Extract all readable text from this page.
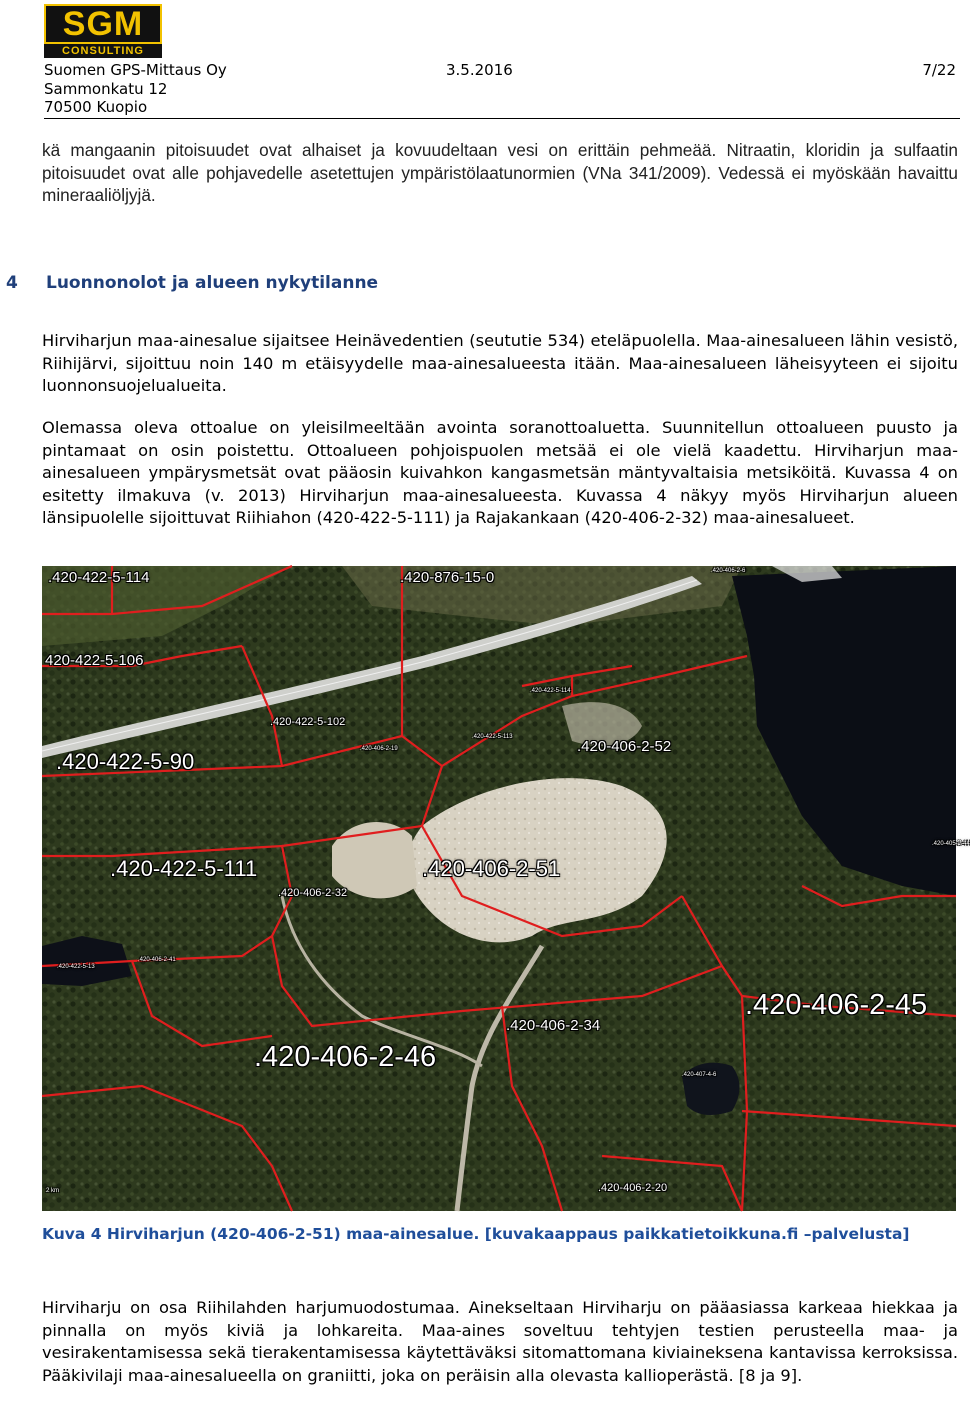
SGM
CONSULTING
Suomen GPS-Mittaus Oy	3.5.2016	7/22
Sammonkatu 12
70500 Kuopio

kä mangaanin pitoisuudet ovat alhaiset ja kovuudeltaan vesi on erittäin pehmeää. Nitraatin, kloridin ja sulfaatin pitoisuudet ovat alle pohjavedelle asetettujen ympäristölaatunormien (VNa 341/2009). Vedessä ei myöskään havaittu mineraaliöljyjä.

4 Luonnonolot ja alueen nykytilanne

Hirviharjun maa-ainesalue sijaitsee Heinävedentien (seututie 534) eteläpuolella. Maa-ainesalueen lähin vesistö, Riihijärvi, sijoittuu noin 140 m etäisyydelle maa-ainesalueesta itään. Maa-ainesalueen läheisyyteen ei sijoitu luonnonsuojelualueita.

Olemassa oleva ottoalue on yleisilmeeltään avointa soranottoaluetta. Suunnitellun ottoalueen puusto ja pintamaat on osin poistettu. Ottoalueen pohjoispuolen metsää ei ole vielä kaadettu. Hirviharjun maa-ainesalueen ympärysmetsät ovat pääosin kuivahkon kangasmetsän mäntyvaltaisia metsiköitä. Kuvassa 4 on esitetty ilmakuva (v. 2013) Hirviharjun maa-ainesalueesta. Kuvassa 4 näkyy myös Hirviharjun alueen länsipuolelle sijoittuvat Riihiahon (420-422-5-111) ja Rajakankaan (420-406-2-32) maa-ainesalueet.

.420-422-5-114	.420-876-15-0
420-422-5-106
.420-422-5-114
.420-422-5-102
.420-422-5-113
.420-406-2-52
.420-422-5-90
.420-422-5-111	.420-406-2-51
.420-406-2-32
.420-406-2-45
.420-406-2-34
.420-406-2-46
.420-406-2-20
.420-406-2-6
.420-406-2-19
.420-422-5-13
.420-406-2-41
.420-405-2-44
.420-407-4-6
2 km
Kuva 4 Hirviharjun (420-406-2-51) maa-ainesalue. [kuvakaappaus paikkatietoikkuna.fi –palvelusta]

Hirviharju on osa Riihilahden harjumuodostumaa. Ainekseltaan Hirviharju on pääasiassa karkeaa hiekkaa ja pinnalla on myös kiviä ja lohkareita. Maa-aines soveltuu tehtyjen testien perusteella maa- ja vesirakentamisessa sekä tierakentamisessa käytettäväksi sitomattomana kiviaineksena kantavissa kerroksissa. Pääkivilaji maa-ainesalueella on graniitti, joka on peräisin alla olevasta kallioperästä. [8 ja 9].
